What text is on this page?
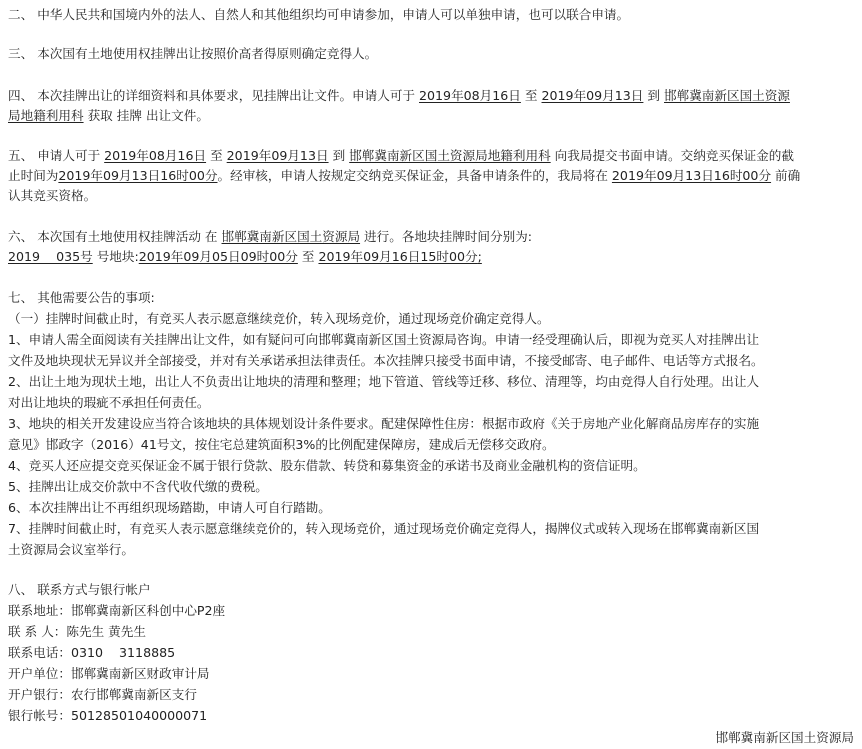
二、 中华人民共和国境内外的法人、自然人和其他组织均可申请参加，申请人可以单独申请，也可以联合申请。
三、 本次国有土地使用权挂牌出让按照价高者得原则确定竞得人。
四、 本次挂牌出让的详细资料和具体要求，见挂牌出让文件。申请人可于 2019年08月16日 至 2019年09月13日 到 邯郸冀南新区国土资源
局地籍利用科 获取 挂牌 出让文件。
五、 申请人可于 2019年08月16日 至 2019年09月13日 到 邯郸冀南新区国土资源局地籍利用科 向我局提交书面申请。交纳竞买保证金的截
止时间为2019年09月13日16时00分。经审核，申请人按规定交纳竞买保证金，具备申请条件的，我局将在 2019年09月13日16时00分 前确
认其竞买资格。
六、 本次国有土地使用权挂牌活动 在 邯郸冀南新区国土资源局 进行。各地块挂牌时间分别为:
2019    035号 号地块:2019年09月05日09时00分 至 2019年09月16日15时00分;
七、 其他需要公告的事项:
（一）挂牌时间截止时，有竞买人表示愿意继续竞价，转入现场竞价，通过现场竞价确定竞得人。
1、申请人需全面阅读有关挂牌出让文件，如有疑问可向邯郸冀南新区国土资源局咨询。申请一经受理确认后，即视为竞买人对挂牌出让
文件及地块现状无异议并全部接受，并对有关承诺承担法律责任。本次挂牌只接受书面申请，不接受邮寄、电子邮件、电话等方式报名。
2、出让土地为现状土地，出让人不负责出让地块的清理和整理；地下管道、管线等迁移、移位、清理等，均由竞得人自行处理。出让人
对出让地块的瑕疵不承担任何责任。
3、地块的相关开发建设应当符合该地块的具体规划设计条件要求。配建保障性住房：根据市政府《关于房地产业化解商品房库存的实施
意见》邯政字（2016）41号文，按住宅总建筑面积3%的比例配建保障房，建成后无偿移交政府。
4、竞买人还应提交竞买保证金不属于银行贷款、股东借款、转贷和募集资金的承诺书及商业金融机构的资信证明。
5、挂牌出让成交价款中不含代收代缴的费税。
6、本次挂牌出让不再组织现场踏勘，申请人可自行踏勘。
7、挂牌时间截止时，有竞买人表示愿意继续竞价的，转入现场竞价，通过现场竞价确定竞得人，揭牌仪式或转入现场在邯郸冀南新区国
土资源局会议室举行。
八、 联系方式与银行帐户
联系地址：邯郸冀南新区科创中心P2座
联 系 人：陈先生 黄先生
联系电话：0310    3118885
开户单位：邯郸冀南新区财政审计局
开户银行：农行邯郸冀南新区支行
银行帐号：50128501040000071
邯郸冀南新区国土资源局
